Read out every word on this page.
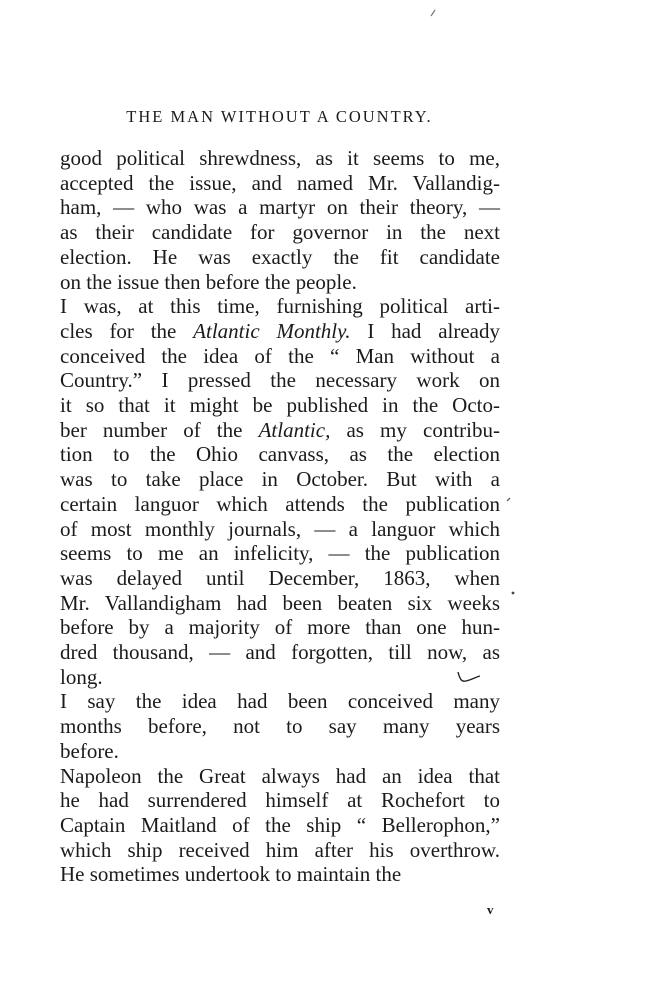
THE MAN WITHOUT A COUNTRY.
good political shrewdness, as it seems to me,
accepted the issue, and named Mr. Vallandig-
ham, — who was a martyr on their theory, —
as their candidate for governor in the next
election. He was exactly the fit candidate
on the issue then before the people.
I was, at this time, furnishing political arti-
cles for the Atlantic Monthly. I had already
conceived the idea of the “ Man without a
Country.” I pressed the necessary work on
it so that it might be published in the Octo-
ber number of the Atlantic, as my contribu-
tion to the Ohio canvass, as the election
was to take place in October. But with a
certain languor which attends the publication
of most monthly journals, — a languor which
seems to me an infelicity, — the publication
was delayed until December, 1863, when
Mr. Vallandigham had been beaten six weeks
before by a majority of more than one hun-
dred thousand, — and forgotten, till now, as
long.
I say the idea had been conceived many
months before, not to say many years
before.
Napoleon the Great always had an idea that
he had surrendered himself at Rochefort to
Captain Maitland of the ship “ Bellerophon,”
which ship received him after his overthrow.
He sometimes undertook to maintain the
v
